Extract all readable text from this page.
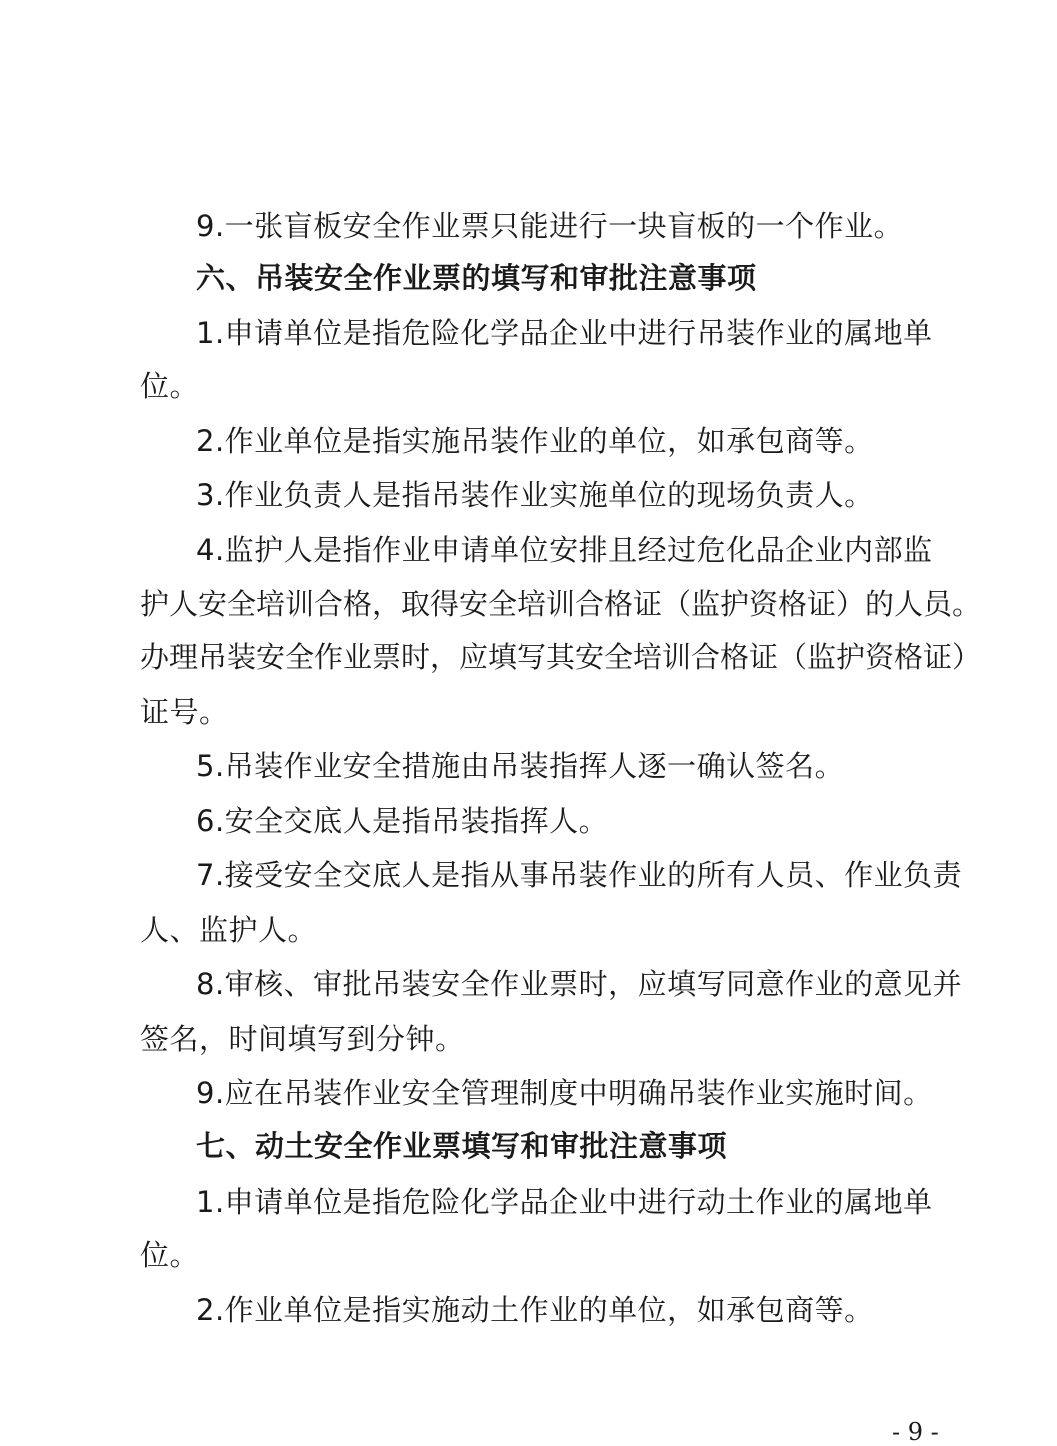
9.一张盲板安全作业票只能进行一块盲板的一个作业。
六、吊装安全作业票的填写和审批注意事项
1.申请单位是指危险化学品企业中进行吊装作业的属地单
位。
2.作业单位是指实施吊装作业的单位，如承包商等。
3.作业负责人是指吊装作业实施单位的现场负责人。
4.监护人是指作业申请单位安排且经过危化品企业内部监
护人安全培训合格，取得安全培训合格证（监护资格证）的人员。
办理吊装安全作业票时，应填写其安全培训合格证（监护资格证）
证号。
5.吊装作业安全措施由吊装指挥人逐一确认签名。
6.安全交底人是指吊装指挥人。
7.接受安全交底人是指从事吊装作业的所有人员、作业负责
人、监护人。
8.审核、审批吊装安全作业票时，应填写同意作业的意见并
签名，时间填写到分钟。
9.应在吊装作业安全管理制度中明确吊装作业实施时间。
七、动土安全作业票填写和审批注意事项
1.申请单位是指危险化学品企业中进行动土作业的属地单
位。
2.作业单位是指实施动土作业的单位，如承包商等。
- 9 -
